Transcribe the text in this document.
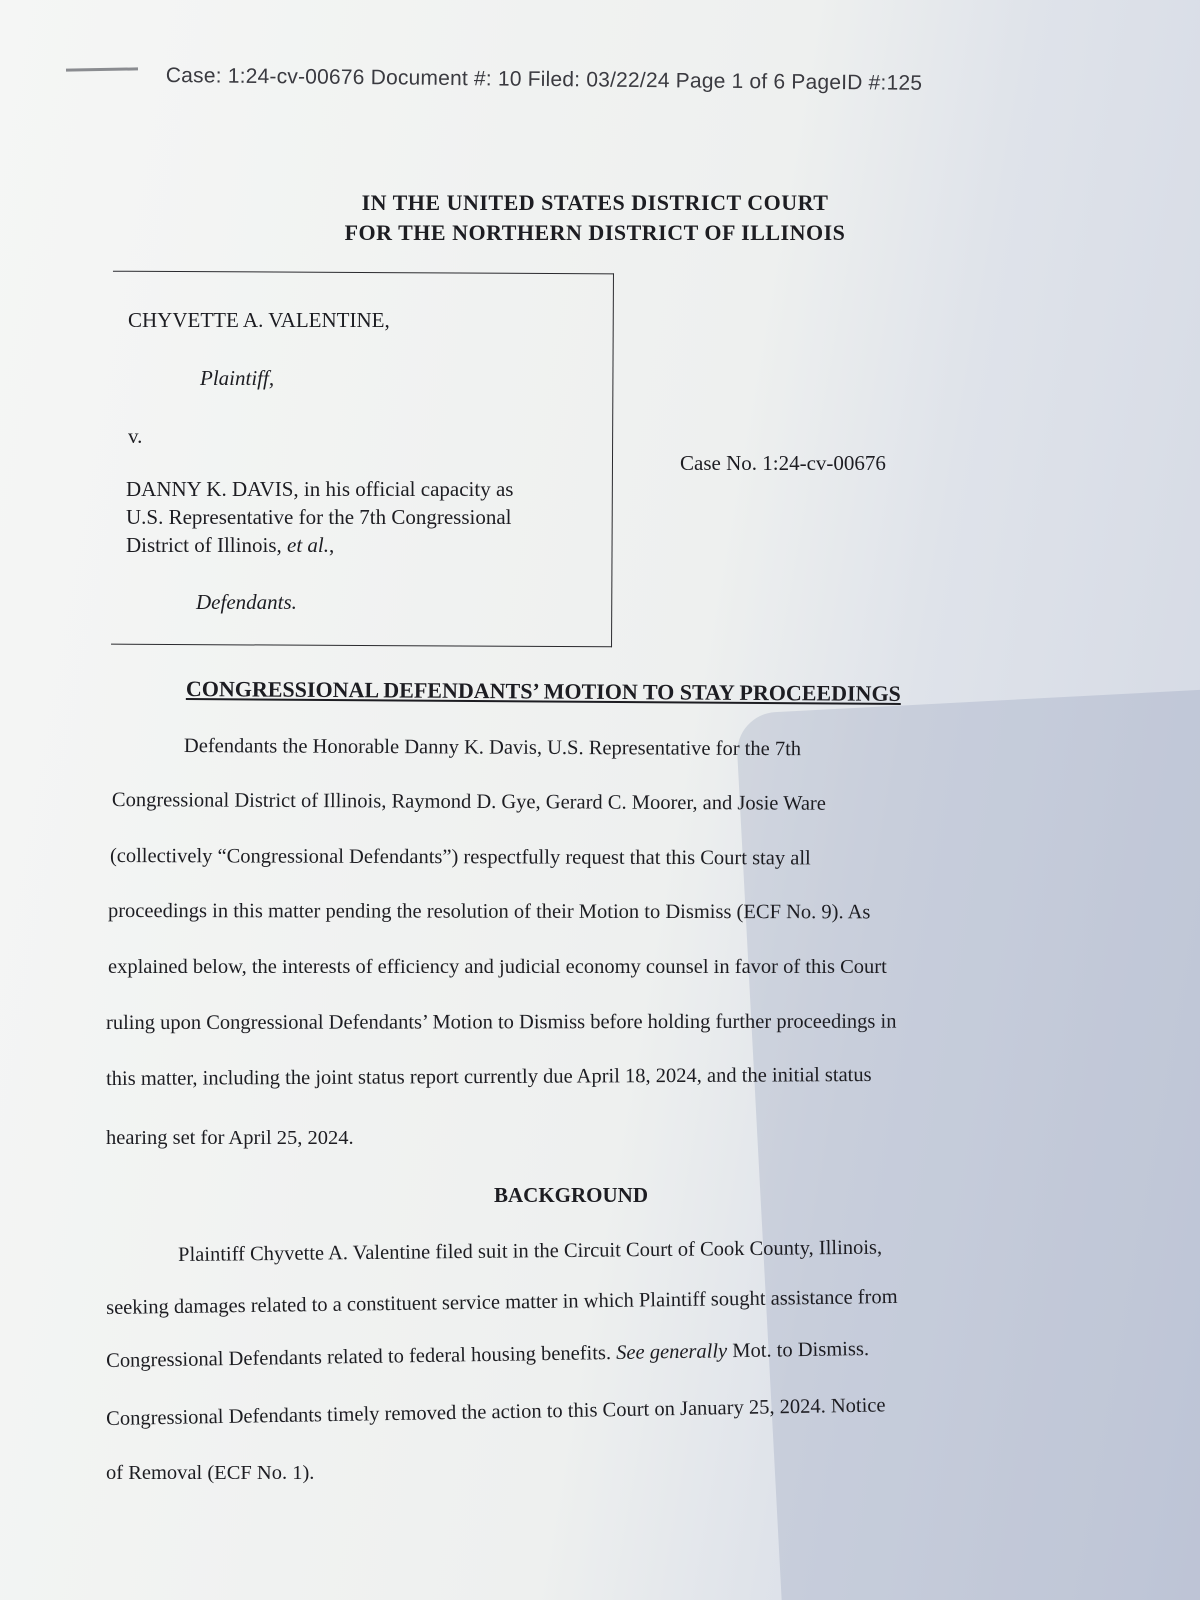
Case: 1:24-cv-00676 Document #: 10 Filed: 03/22/24 Page 1 of 6 PageID #:125
IN THE UNITED STATES DISTRICT COURT
FOR THE NORTHERN DISTRICT OF ILLINOIS
CHYVETTE A. VALENTINE,
Plaintiff,
v.
DANNY K. DAVIS, in his official capacity as
U.S. Representative for the 7th Congressional
District of Illinois, et al.,
Defendants.
Case No. 1:24-cv-00676
CONGRESSIONAL DEFENDANTS’ MOTION TO STAY PROCEEDINGS
Defendants the Honorable Danny K. Davis, U.S. Representative for the 7th
Congressional District of Illinois, Raymond D. Gye, Gerard C. Moorer, and Josie Ware
(collectively “Congressional Defendants”) respectfully request that this Court stay all
proceedings in this matter pending the resolution of their Motion to Dismiss (ECF No. 9). As
explained below, the interests of efficiency and judicial economy counsel in favor of this Court
ruling upon Congressional Defendants’ Motion to Dismiss before holding further proceedings in
this matter, including the joint status report currently due April 18, 2024, and the initial status
hearing set for April 25, 2024.
BACKGROUND
Plaintiff Chyvette A. Valentine filed suit in the Circuit Court of Cook County, Illinois,
seeking damages related to a constituent service matter in which Plaintiff sought assistance from
Congressional Defendants related to federal housing benefits. See generally Mot. to Dismiss.
Congressional Defendants timely removed the action to this Court on January 25, 2024. Notice
of Removal (ECF No. 1).
